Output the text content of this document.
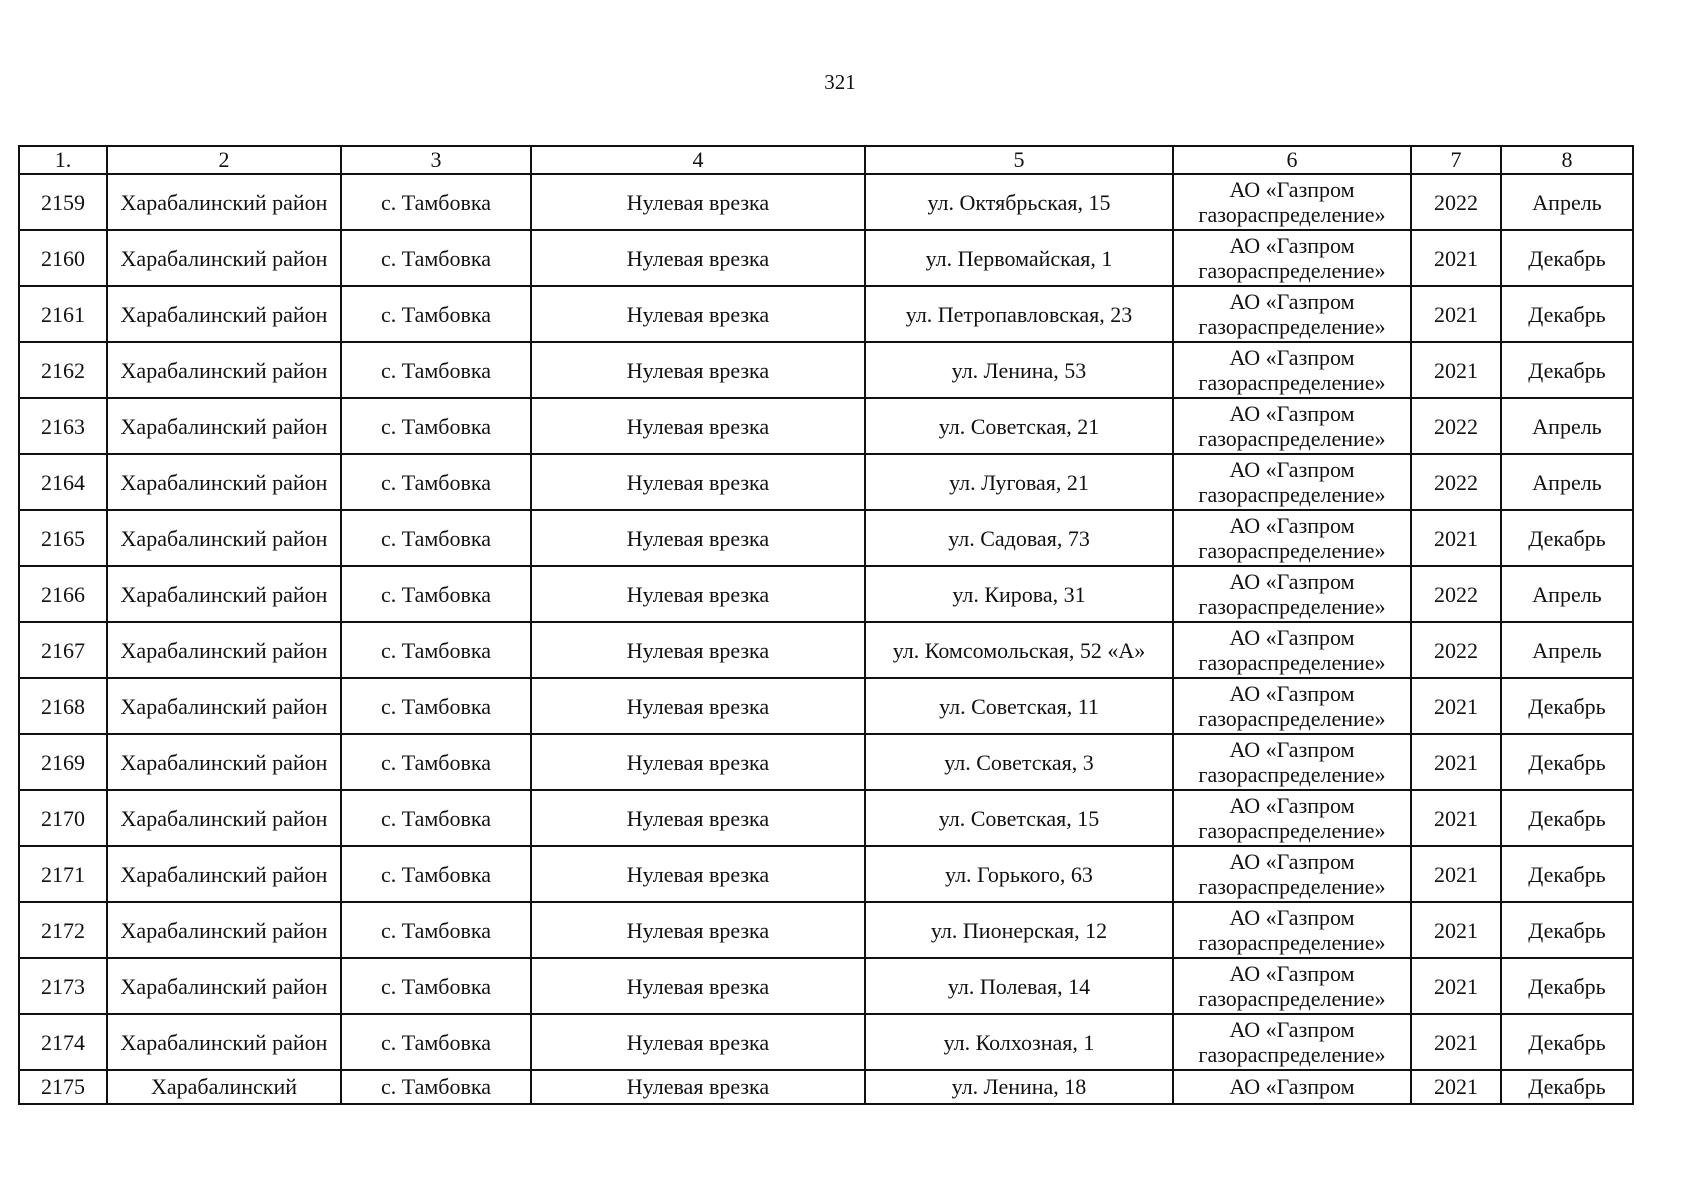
321
1.	2	3	4	5	6	7	8
2159	Харабалинский район	с. Тамбовка	Нулевая врезка	ул. Октябрьская, 15	АО «Газпром газораспределение»	2022	Апрель
2160	Харабалинский район	с. Тамбовка	Нулевая врезка	ул. Первомайская, 1	АО «Газпром газораспределение»	2021	Декабрь
2161	Харабалинский район	с. Тамбовка	Нулевая врезка	ул. Петропавловская, 23	АО «Газпром газораспределение»	2021	Декабрь
2162	Харабалинский район	с. Тамбовка	Нулевая врезка	ул. Ленина, 53	АО «Газпром газораспределение»	2021	Декабрь
2163	Харабалинский район	с. Тамбовка	Нулевая врезка	ул. Советская, 21	АО «Газпром газораспределение»	2022	Апрель
2164	Харабалинский район	с. Тамбовка	Нулевая врезка	ул. Луговая, 21	АО «Газпром газораспределение»	2022	Апрель
2165	Харабалинский район	с. Тамбовка	Нулевая врезка	ул. Садовая, 73	АО «Газпром газораспределение»	2021	Декабрь
2166	Харабалинский район	с. Тамбовка	Нулевая врезка	ул. Кирова, 31	АО «Газпром газораспределение»	2022	Апрель
2167	Харабалинский район	с. Тамбовка	Нулевая врезка	ул. Комсомольская, 52 «А»	АО «Газпром газораспределение»	2022	Апрель
2168	Харабалинский район	с. Тамбовка	Нулевая врезка	ул. Советская, 11	АО «Газпром газораспределение»	2021	Декабрь
2169	Харабалинский район	с. Тамбовка	Нулевая врезка	ул. Советская, 3	АО «Газпром газораспределение»	2021	Декабрь
2170	Харабалинский район	с. Тамбовка	Нулевая врезка	ул. Советская, 15	АО «Газпром газораспределение»	2021	Декабрь
2171	Харабалинский район	с. Тамбовка	Нулевая врезка	ул. Горького, 63	АО «Газпром газораспределение»	2021	Декабрь
2172	Харабалинский район	с. Тамбовка	Нулевая врезка	ул. Пионерская, 12	АО «Газпром газораспределение»	2021	Декабрь
2173	Харабалинский район	с. Тамбовка	Нулевая врезка	ул. Полевая, 14	АО «Газпром газораспределение»	2021	Декабрь
2174	Харабалинский район	с. Тамбовка	Нулевая врезка	ул. Колхозная, 1	АО «Газпром газораспределение»	2021	Декабрь
2175	Харабалинский	с. Тамбовка	Нулевая врезка	ул. Ленина, 18	АО «Газпром	2021	Декабрь
